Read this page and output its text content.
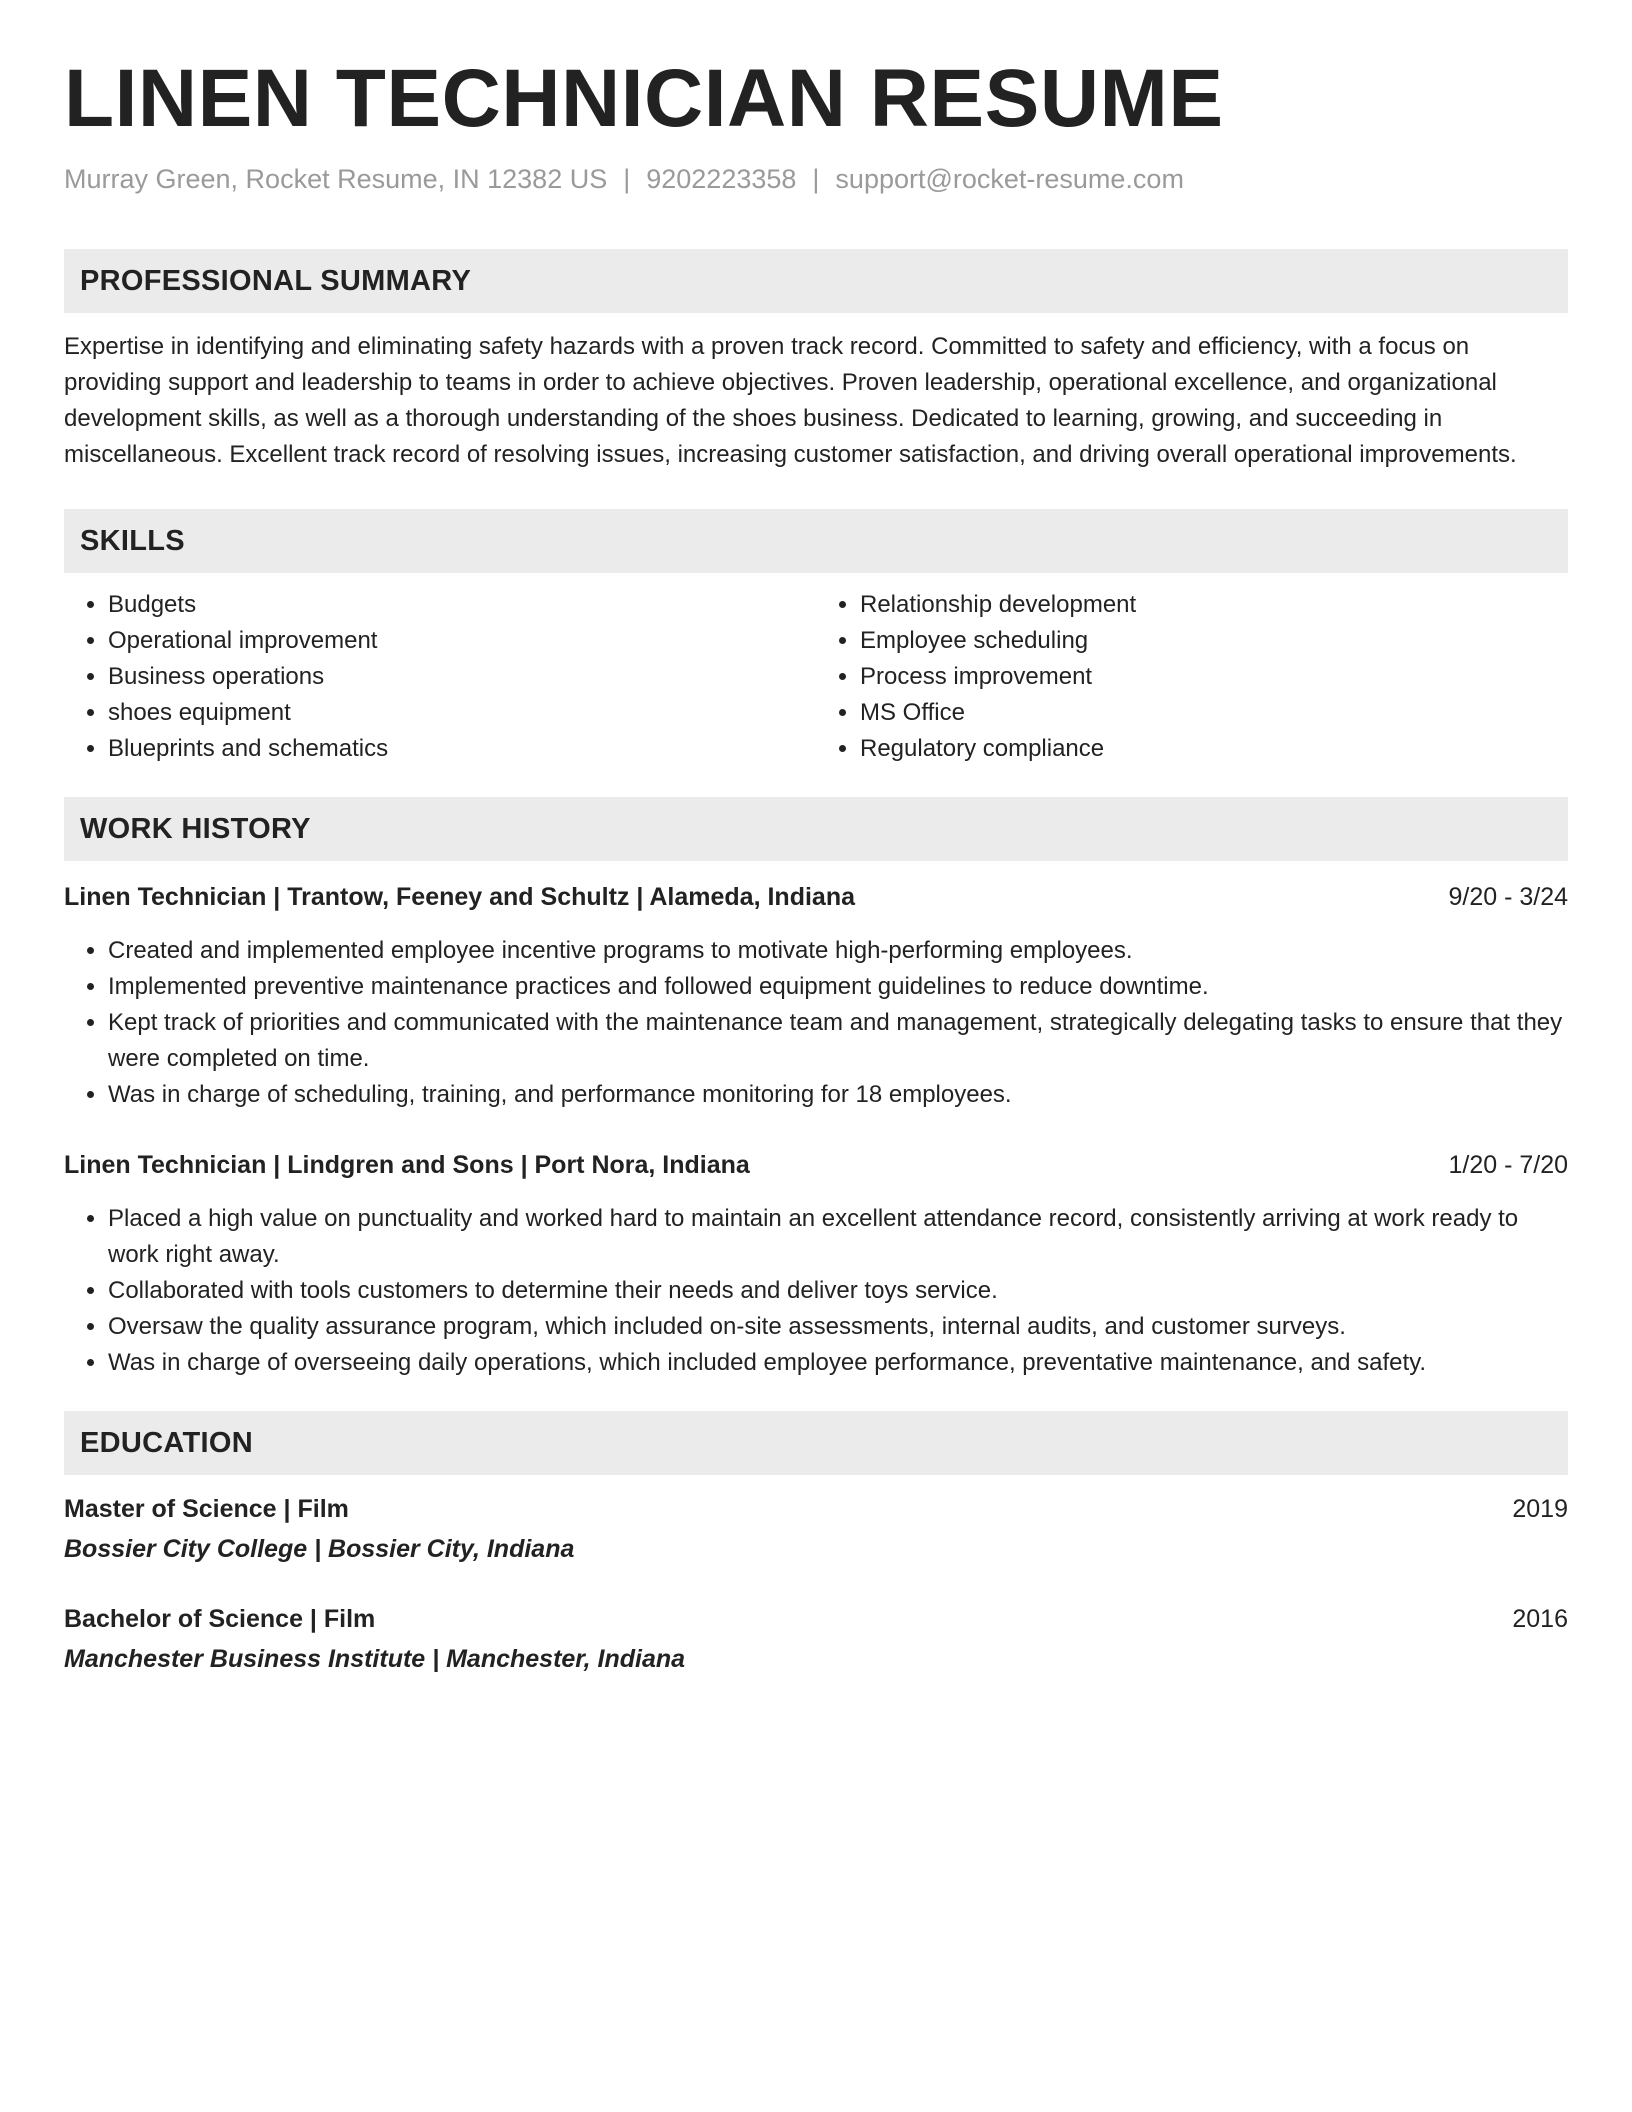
LINEN TECHNICIAN RESUME
Murray Green, Rocket Resume, IN 12382 US | 9202223358 | support@rocket-resume.com
PROFESSIONAL SUMMARY

Expertise in identifying and eliminating safety hazards with a proven track record. Committed to safety and efficiency, with a focus on providing support and leadership to teams in order to achieve objectives. Proven leadership, operational excellence, and organizational development skills, as well as a thorough understanding of the shoes business. Dedicated to learning, growing, and succeeding in miscellaneous. Excellent track record of resolving issues, increasing customer satisfaction, and driving overall operational improvements.

SKILLS
• Budgets
• Operational improvement
• Business operations
• shoes equipment
• Blueprints and schematics
• Relationship development
• Employee scheduling
• Process improvement
• MS Office
• Regulatory compliance
WORK HISTORY
Linen Technician | Trantow, Feeney and Schultz | Alameda, Indiana	9/20 - 3/24
• Created and implemented employee incentive programs to motivate high-performing employees.
• Implemented preventive maintenance practices and followed equipment guidelines to reduce downtime.
• Kept track of priorities and communicated with the maintenance team and management, strategically delegating tasks to ensure that they were completed on time.
• Was in charge of scheduling, training, and performance monitoring for 18 employees.
Linen Technician | Lindgren and Sons | Port Nora, Indiana	1/20 - 7/20
• Placed a high value on punctuality and worked hard to maintain an excellent attendance record, consistently arriving at work ready to work right away.
• Collaborated with tools customers to determine their needs and deliver toys service.
• Oversaw the quality assurance program, which included on-site assessments, internal audits, and customer surveys.
• Was in charge of overseeing daily operations, which included employee performance, preventative maintenance, and safety.
EDUCATION
Master of Science | Film	2019
Bossier City College | Bossier City, Indiana
Bachelor of Science | Film	2016
Manchester Business Institute | Manchester, Indiana
